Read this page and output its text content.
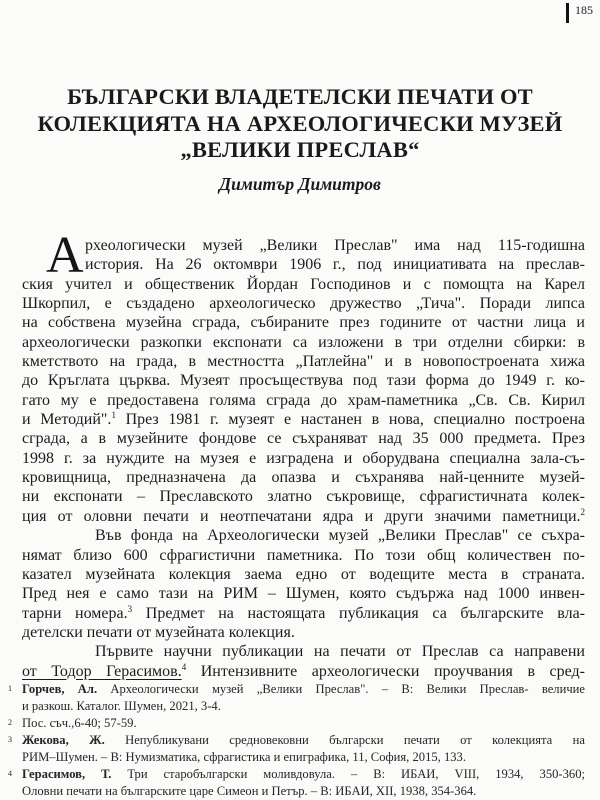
185
БЪЛГАРСКИ ВЛАДЕТЕЛСКИ ПЕЧАТИ ОТ
КОЛЕКЦИЯТА НА АРХЕОЛОГИЧЕСКИ МУЗЕЙ
„ВЕЛИКИ ПРЕСЛАВ“
Димитър Димитров
А рхеологически музей „Велики Преслав" има над 115-годишна
история. На 26 октомври 1906 г., под инициативата на преслав-
ския учител и общественик Йордан Господинов и с помощта на Карел
Шкорпил, е създадено археологическо дружество „Тича". Поради липса
на собствена музейна сграда, събираните през годините от частни лица и
археологически разкопки експонати са изложени в три отделни сбирки: в
кметството на града, в местността „Патлейна" и в новопостроената хижа
до Кръглата църква. Музеят просъществува под тази форма до 1949 г. ко-
гато му е предоставена голяма сграда до храм-паметника „Св. Св. Кирил
и Методий".$^1$ През 1981 г. музеят е настанен в нова, специално построена
сграда, а в музейните фондове се съхраняват над 35 000 предмета. През
1998 г. за нуждите на музея е изградена и оборудвана специална зала-съ-
кровищница, предназначена да опазва и съхранява най-ценните музей-
ни експонати – Преславското златно съкровище, сфрагистичната колек-
ция от оловни печати и неотпечатани ядра и други значими паметници.$^2$
Във фонда на Археологически музей „Велики Преслав" се съхра-
нямат близо 600 сфрагистични паметника. По този общ количествен по-
казател музейната колекция заема едно от водещите места в страната.
Пред нея е само тази на РИМ – Шумен, която съдържа над 1000 инвен-
тарни номера.$^3$ Предмет на настоящата публикация са българските вла-
детелски печати от музейната колекция.
Първите научни публикации на печати от Преслав са направени
от Тодор Герасимов.$^4$ Интензивните археологически проучвания в сред-
1 Горчев, Ал. Археологически музей „Велики Преслав". – В: Велики Преслав- величие
и разкош. Каталог. Шумен, 2021, 3-4.
2 Пос. съч.,6-40; 57-59.
3 Жекова, Ж. Непубликувани средновековни български печати от колекцията на
РИМ–Шумен. – В: Нумизматика, сфрагистика и епиграфика, 11, София, 2015, 133.
4 Герасимов, Т. Три старобългарски моливдовула. – В: ИБАИ, VIII, 1934, 350-360;
Оловни печати на българските царе Симеон и Петър. – В: ИБАИ, XII, 1938, 354-364.
